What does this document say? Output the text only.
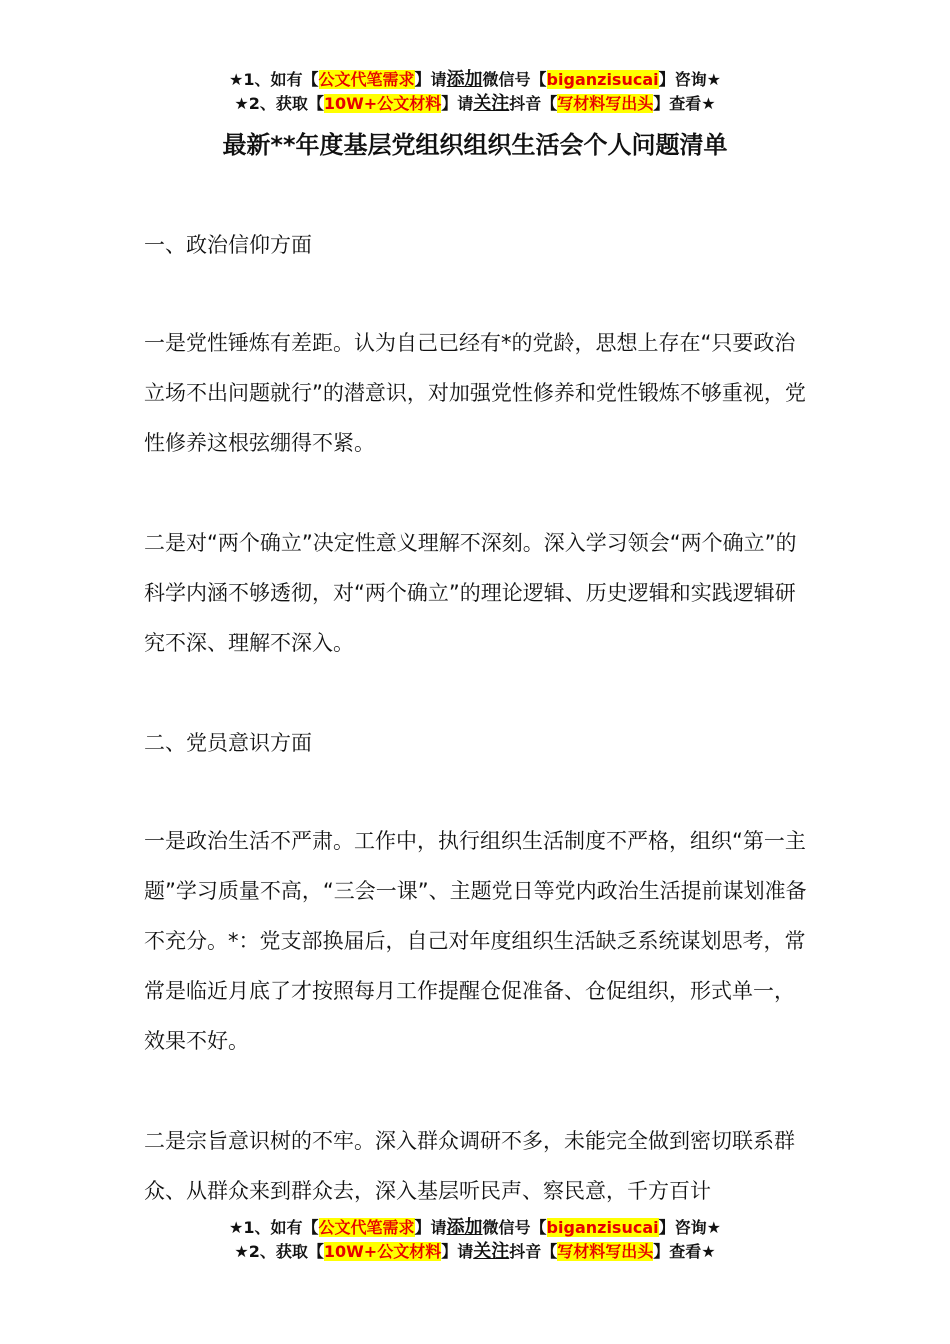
★1、如有【公文代笔需求】请添加微信号【biganzisucai】咨询★
★2、获取【10W+公文材料】请关注抖音【写材料写出头】查看★
最新**年度基层党组织组织生活会个人问题清单
一、政治信仰方面
一是党性锤炼有差距。认为自己已经有*的党龄，思想上存在“只要政治立场不出问题就行”的潜意识，对加强党性修养和党性锻炼不够重视，党性修养这根弦绷得不紧。
二是对“两个确立”决定性意义理解不深刻。深入学习领会“两个确立”的科学内涵不够透彻，对“两个确立”的理论逻辑、历史逻辑和实践逻辑研究不深、理解不深入。
二、党员意识方面
一是政治生活不严肃。工作中，执行组织生活制度不严格，组织“第一主题”学习质量不高，“三会一课”、主题党日等党内政治生活提前谋划准备不充分。*：党支部换届后，自己对年度组织生活缺乏系统谋划思考，常常是临近月底了才按照每月工作提醒仓促准备、仓促组织，形式单一，效果不好。
二是宗旨意识树的不牢。深入群众调研不多，未能完全做到密切联系群众、从群众来到群众去，深入基层听民声、察民意，千方百计
★1、如有【公文代笔需求】请添加微信号【biganzisucai】咨询★
★2、获取【10W+公文材料】请关注抖音【写材料写出头】查看★
